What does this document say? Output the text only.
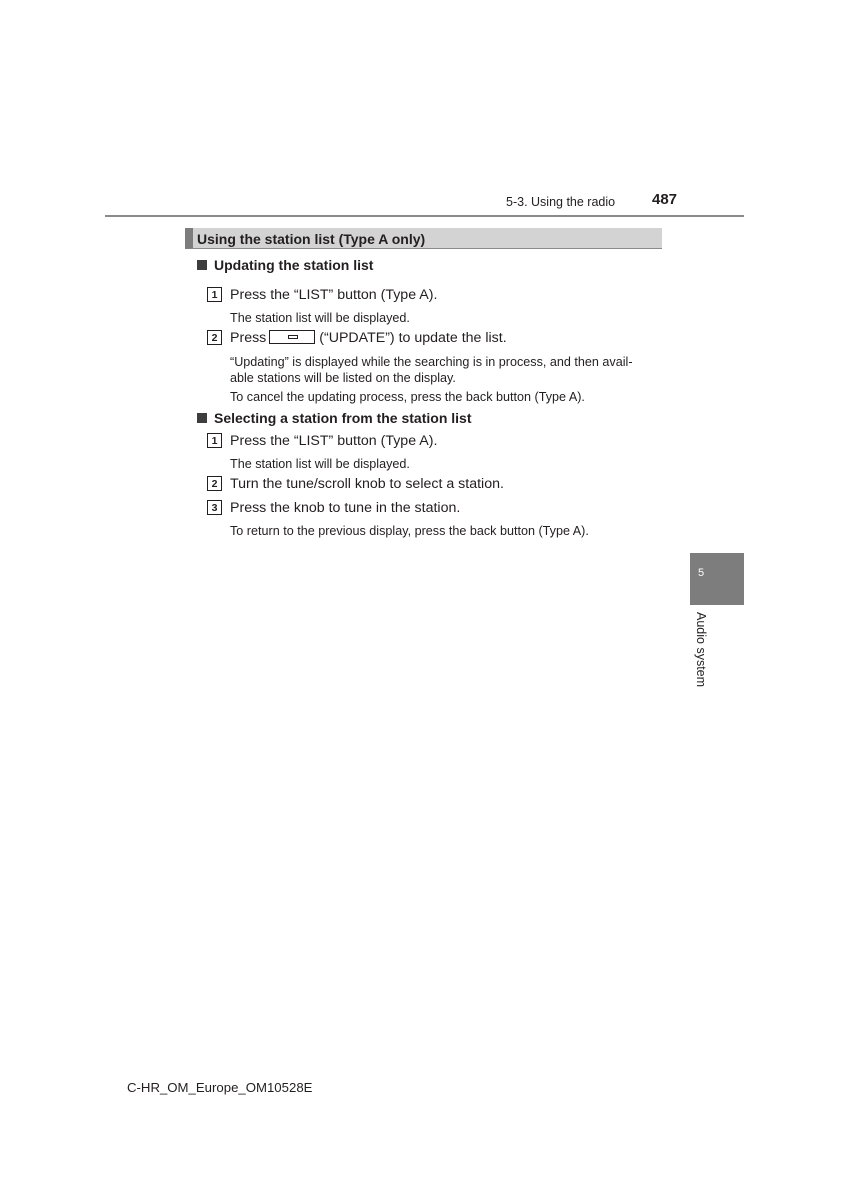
5-3. Using the radio 487
Using the station list (Type A only)
Updating the station list
1 Press the “LIST” button (Type A).
The station list will be displayed.
2 Press	(“UPDATE”) to update the list.
“Updating” is displayed while the searching is in process, and then avail-
able stations will be listed on the display.
To cancel the updating process, press the back button (Type A).
Selecting a station from the station list
1 Press the “LIST” button (Type A).
The station list will be displayed.
2 Turn the tune/scroll knob to select a station.
3 Press the knob to tune in the station.
To return to the previous display, press the back button (Type A).
5
Audio system
C-HR_OM_Europe_OM10528E
